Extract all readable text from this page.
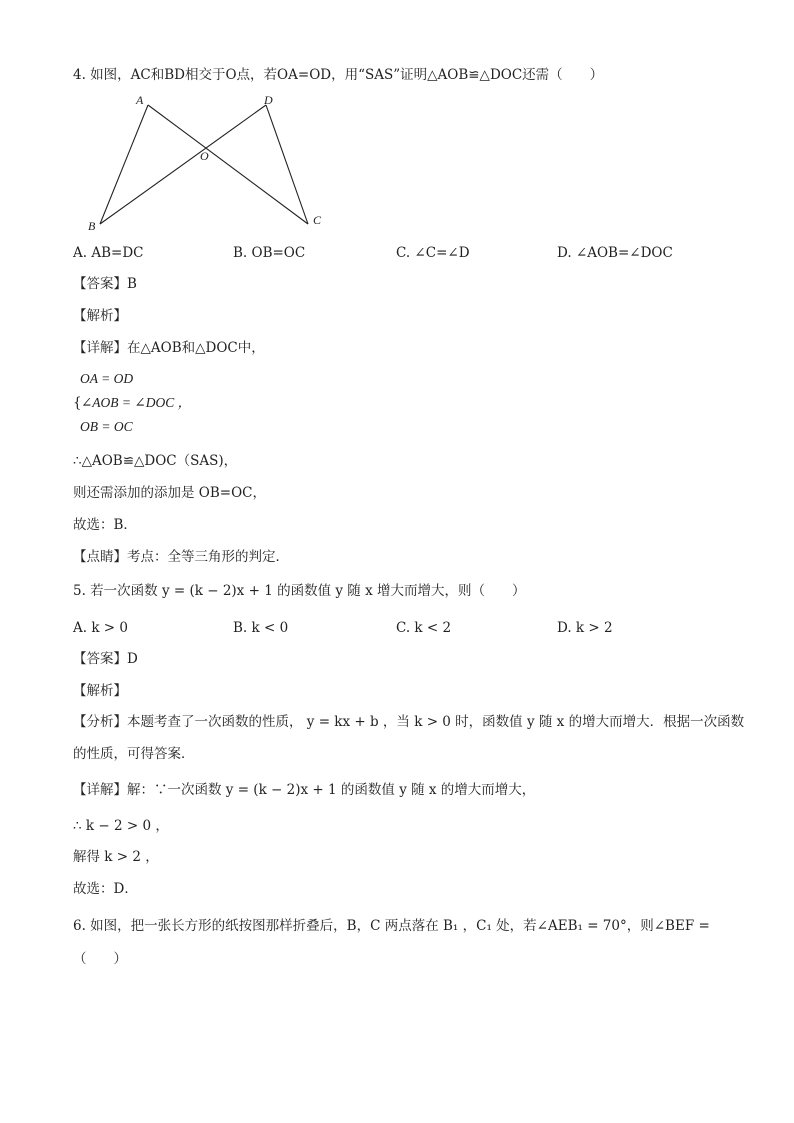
4. 如图，AC和BD相交于O点，若OA=OD，用“SAS”证明△AOB≌△DOC还需（　　）
A	D
O
B	C
A. AB=DC	B. OB=OC	C. ∠C=∠D	D. ∠AOB=∠DOC
【答案】B
【解析】
【详解】在△AOB和△DOC中，
OA = OD
{ ∠AOB = ∠DOC ，
OB = OC
∴△AOB≌△DOC（SAS)，
则还需添加的添加是 OB=OC，
故选：B．
【点睛】考点：全等三角形的判定．
5. 若一次函数 y = (k − 2)x + 1 的函数值 y 随 x 增大而增大，则（　　）
A. k > 0	B. k < 0	C. k < 2	D. k > 2
【答案】D
【解析】
【分析】本题考查了一次函数的性质， y = kx + b ，当 k > 0 时，函数值 y 随 x 的增大而增大．根据一次函数
的性质，可得答案．
【详解】解：∵一次函数 y = (k − 2)x + 1 的函数值 y 随 x 的增大而增大，
∴ k − 2 > 0 ，
解得 k > 2 ，
故选：D．
6. 如图，把一张长方形的纸按图那样折叠后，B，C 两点落在 B₁ ，C₁ 处，若∠AEB₁ = 70°，则∠BEF =
（　　）
